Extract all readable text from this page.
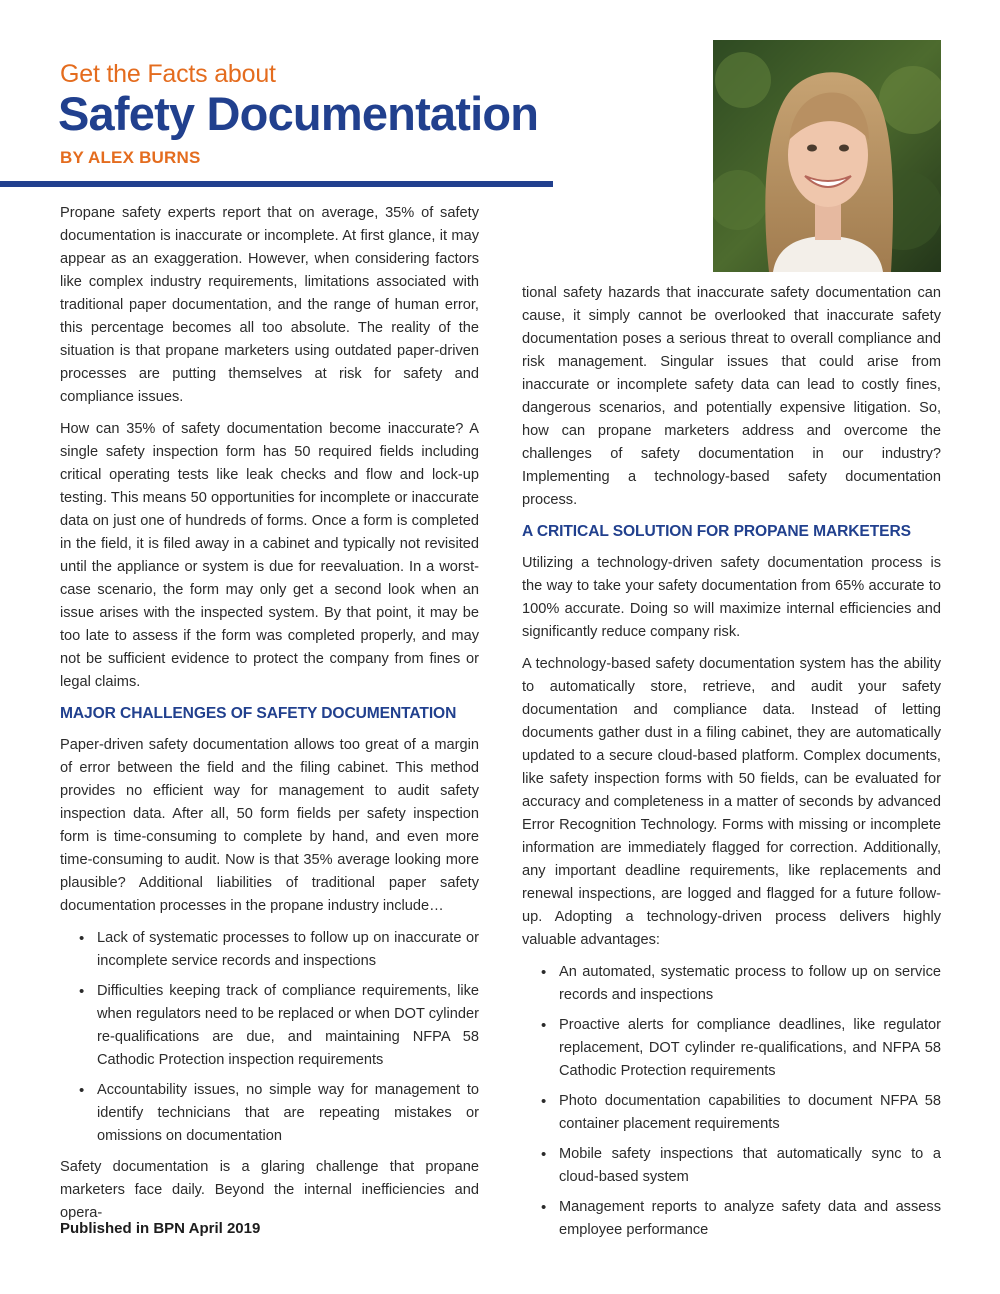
Get the Facts about
Safety Documentation
BY ALEX BURNS

Propane safety experts report that on average, 35% of safety documentation is inaccurate or incomplete. At first glance, it may appear as an exaggeration. However, when considering factors like complex industry requirements, limitations associated with traditional paper documentation, and the range of human error, this percentage becomes all too absolute. The reality of the situation is that propane marketers using outdated paper-driven processes are putting themselves at risk for safety and compliance issues.

How can 35% of safety documentation become inaccurate? A single safety inspection form has 50 required fields including critical operating tests like leak checks and flow and lock-up testing. This means 50 opportunities for incomplete or inaccurate data on just one of hundreds of forms. Once a form is completed in the field, it is filed away in a cabinet and typically not revisited until the appliance or system is due for reevaluation. In a worst-case scenario, the form may only get a second look when an issue arises with the inspected system. By that point, it may be too late to assess if the form was completed properly, and may not be sufficient evidence to protect the company from fines or legal claims.

MAJOR CHALLENGES OF SAFETY DOCUMENTATION

Paper-driven safety documentation allows too great of a margin of error between the field and the filing cabinet. This method provides no efficient way for management to audit safety inspection data. After all, 50 form fields per safety inspection form is time-consuming to complete by hand, and even more time-consuming to audit. Now is that 35% average looking more plausible? Additional liabilities of traditional paper safety documentation processes in the propane industry include…

• Lack of systematic processes to follow up on inaccurate or incomplete service records and inspections
• Difficulties keeping track of compliance requirements, like when regulators need to be replaced or when DOT cylinder re-qualifications are due, and maintaining NFPA 58 Cathodic Protection inspection requirements
• Accountability issues, no simple way for management to identify technicians that are repeating mistakes or omissions on documentation

Safety documentation is a glaring challenge that propane marketers face daily. Beyond the internal inefficiencies and opera-

tional safety hazards that inaccurate safety documentation can cause, it simply cannot be overlooked that inaccurate safety documentation poses a serious threat to overall compliance and risk management. Singular issues that could arise from inaccurate or incomplete safety data can lead to costly fines, dangerous scenarios, and potentially expensive litigation. So, how can propane marketers address and overcome the challenges of safety documentation in our industry? Implementing a technology-based safety documentation process.

A CRITICAL SOLUTION FOR PROPANE MARKETERS

Utilizing a technology-driven safety documentation process is the way to take your safety documentation from 65% accurate to 100% accurate. Doing so will maximize internal efficiencies and significantly reduce company risk.

A technology-based safety documentation system has the ability to automatically store, retrieve, and audit your safety documentation and compliance data. Instead of letting documents gather dust in a filing cabinet, they are automatically updated to a secure cloud-based platform. Complex documents, like safety inspection forms with 50 fields, can be evaluated for accuracy and completeness in a matter of seconds by advanced Error Recognition Technology. Forms with missing or incomplete information are immediately flagged for correction. Additionally, any important deadline requirements, like replacements and renewal inspections, are logged and flagged for a future follow-up. Adopting a technology-driven process delivers highly valuable advantages:

• An automated, systematic process to follow up on service records and inspections
• Proactive alerts for compliance deadlines, like regulator replacement, DOT cylinder re-qualifications, and NFPA 58 Cathodic Protection requirements
• Photo documentation capabilities to document NFPA 58 container placement requirements
• Mobile safety inspections that automatically sync to a cloud-based system
• Management reports to analyze safety data and assess employee performance
Published in BPN April 2019
